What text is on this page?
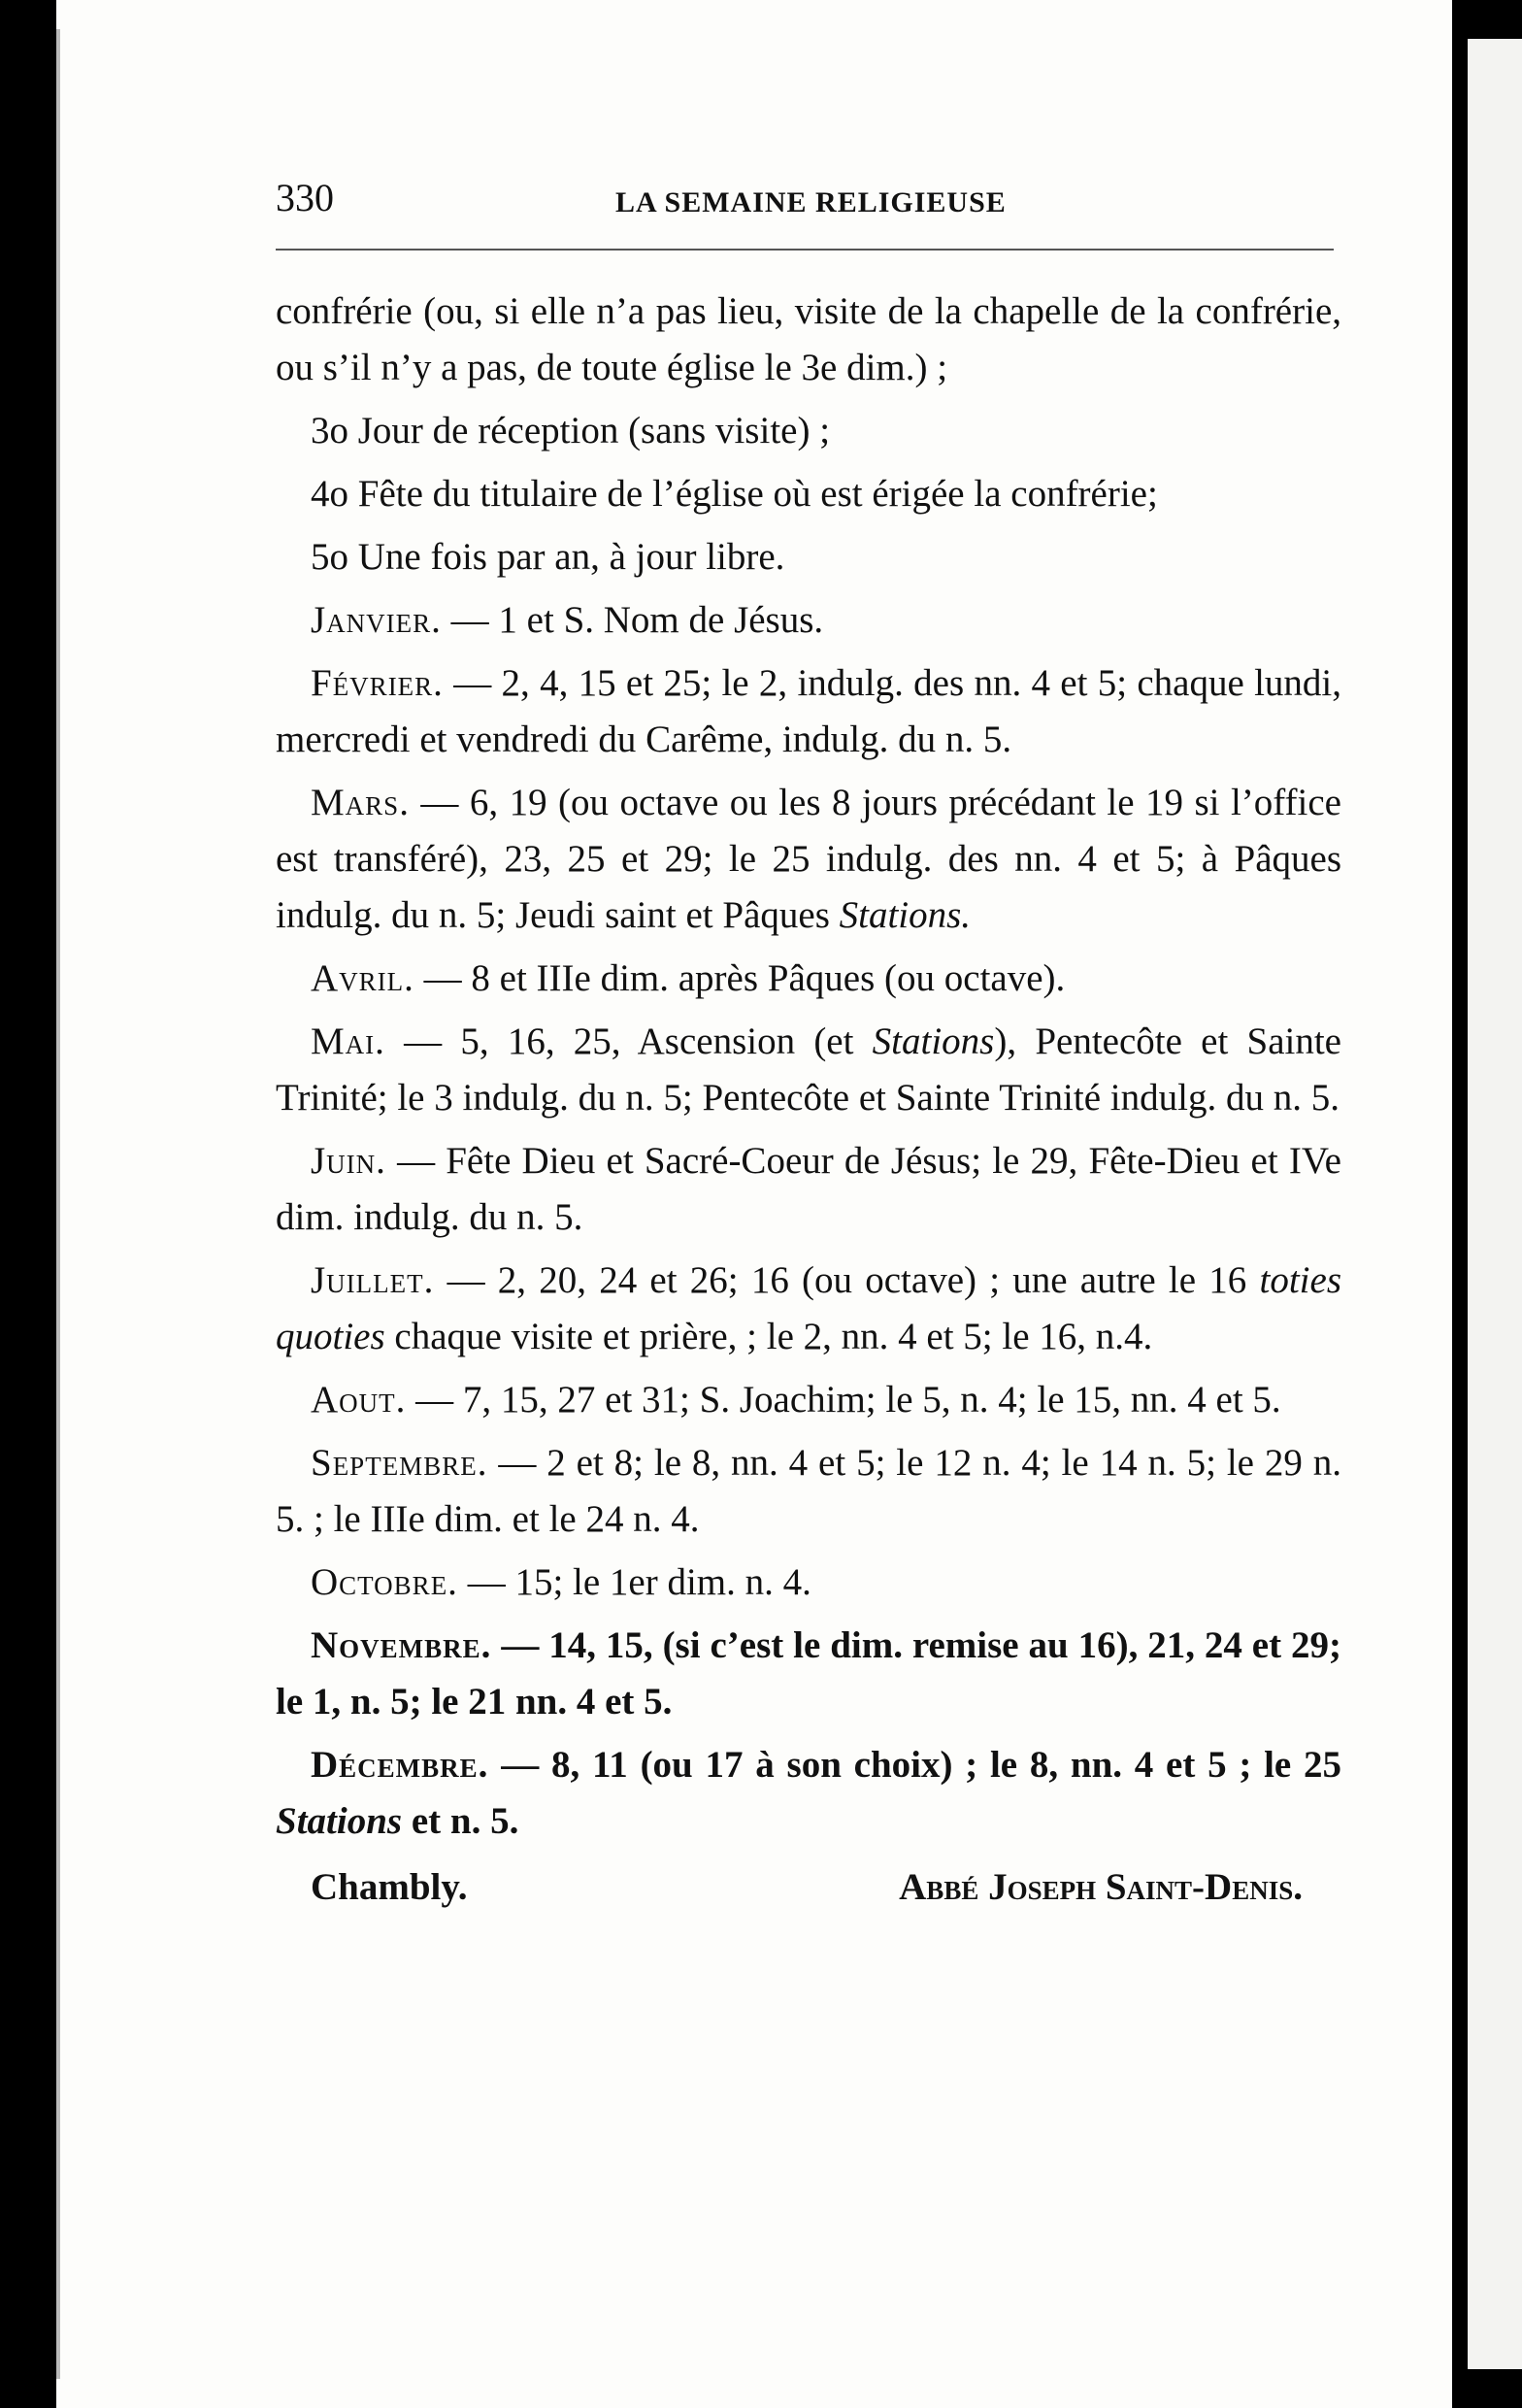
330	LA SEMAINE RELIGIEUSE

confrérie (ou, si elle n’a pas lieu, visite de la chapelle de la confrérie, ou s’il n’y a pas, de toute église le 3e dim.) ;

3o Jour de réception (sans visite) ;

4o Fête du titulaire de l’église où est érigée la confrérie;

5o Une fois par an, à jour libre.

Janvier. — 1 et S. Nom de Jésus.

Février. — 2, 4, 15 et 25; le 2, indulg. des nn. 4 et 5; chaque lundi, mercredi et vendredi du Carême, indulg. du n. 5.

Mars. — 6, 19 (ou octave ou les 8 jours précédant le 19 si l’office est transféré), 23, 25 et 29; le 25 indulg. des nn. 4 et 5; à Pâques indulg. du n. 5; Jeudi saint et Pâques Stations.

Avril. — 8 et IIIe dim. après Pâques (ou octave).

Mai. — 5, 16, 25, Ascension (et Stations), Pentecôte et Sainte Trinité; le 3 indulg. du n. 5; Pentecôte et Sainte Trinité indulg. du n. 5.

Juin. — Fête Dieu et Sacré-Coeur de Jésus; le 29, Fête-Dieu et IVe dim. indulg. du n. 5.

Juillet. — 2, 20, 24 et 26; 16 (ou octave) ; une autre le 16 toties quoties chaque visite et prière, ; le 2, nn. 4 et 5; le 16, n.4.

Aout. — 7, 15, 27 et 31; S. Joachim; le 5, n. 4; le 15, nn. 4 et 5.

Septembre. — 2 et 8; le 8, nn. 4 et 5; le 12 n. 4; le 14 n. 5; le 29 n. 5. ; le IIIe dim. et le 24 n. 4.

Octobre. — 15; le 1er dim. n. 4.

Novembre. — 14, 15, (si c’est le dim. remise au 16), 21, 24 et 29; le 1, n. 5; le 21 nn. 4 et 5.

Décembre. — 8, 11 (ou 17 à son choix) ; le 8, nn. 4 et 5 ; le 25 Stations et n. 5.

Chambly.	Abbé Joseph Saint-Denis.
